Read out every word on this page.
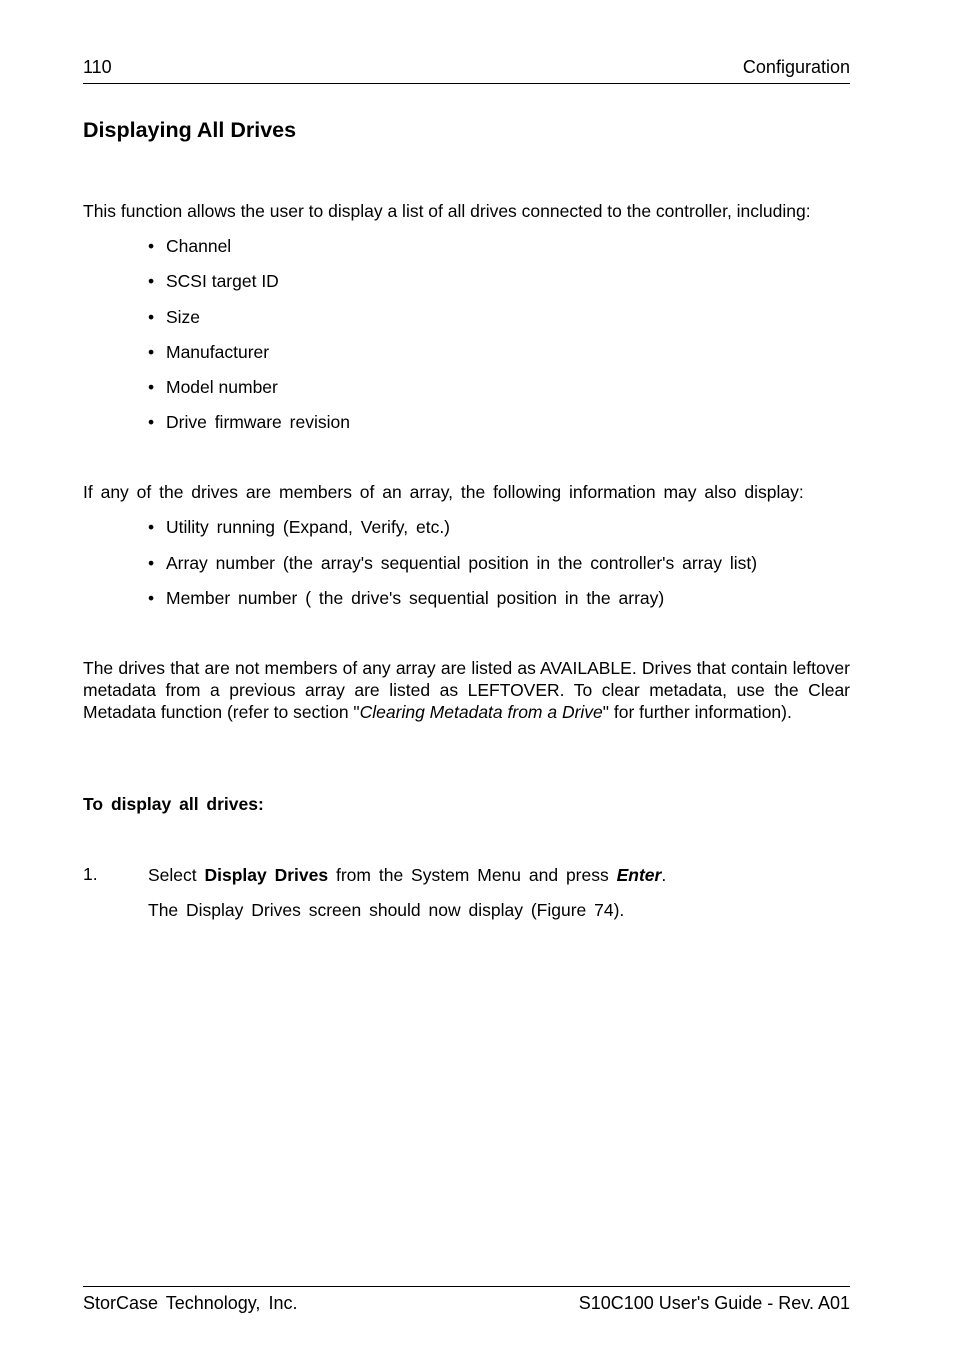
110	Configuration
Displaying All Drives

This function allows the user to display a list of all drives connected to the controller, including:

• Channel
• SCSI target ID
• Size
• Manufacturer
• Model number
• Drive firmware revision

If any of the drives are members of an array, the following information may also display:

• Utility running (Expand, Verify, etc.)
• Array number (the array's sequential position in the controller's array list)
• Member number ( the drive's sequential position in the array)

The drives that are not members of any array are listed as AVAILABLE. Drives that contain leftover metadata from a previous array are listed as LEFTOVER. To clear metadata, use the Clear Metadata function (refer to section "Clearing Metadata from a Drive" for further information).

To display all drives:
1.	Select Display Drives from the System Menu and press Enter.
The Display Drives screen should now display (Figure 74).
StorCase Technology, Inc.	S10C100 User's Guide - Rev. A01
